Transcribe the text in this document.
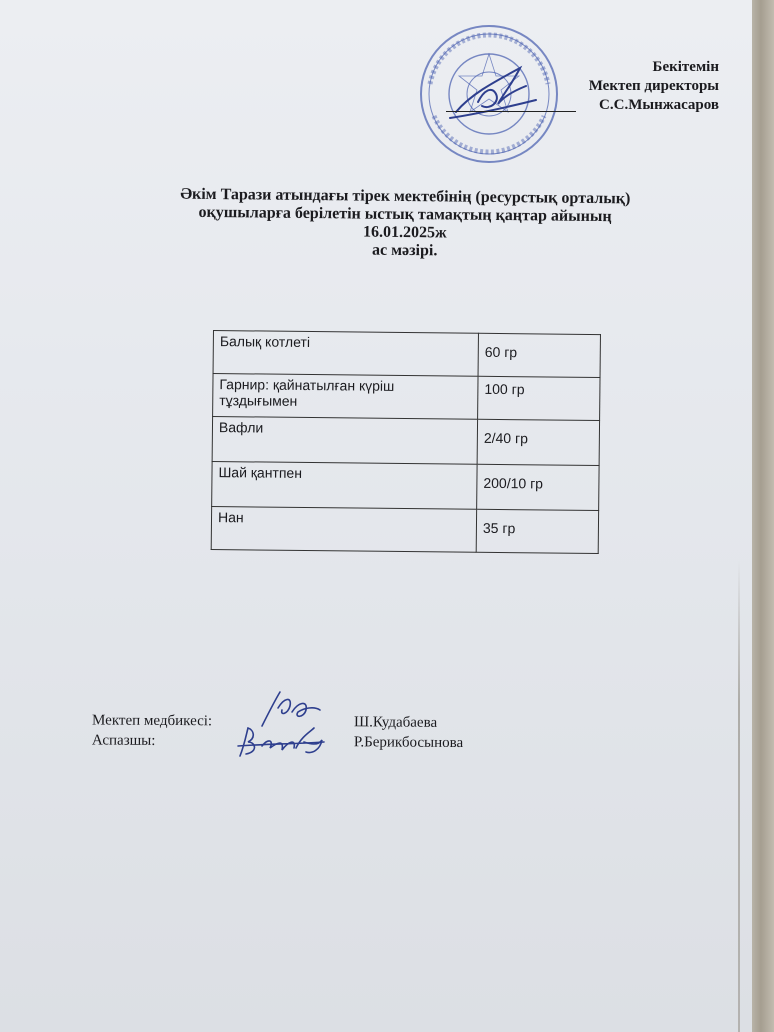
Бекітемін
Мектеп директоры
С.С.Мынжасаров
Әкім Тарази атындағы тірек мектебінің (ресурстық орталық)
оқушыларға берілетін ыстық тамақтың қаңтар айының
16.01.2025ж
ас мәзірі.
Балық котлеті	60 гр
Гарнир: қайнатылған күріш тұздығымен	100 гр
Вафли	2/40 гр
Шай қантпен	200/10 гр
Нан	35 гр
Мектеп медбикесі:	Ш.Кудабаева
Аспазшы:	Р.Берикбосынова
